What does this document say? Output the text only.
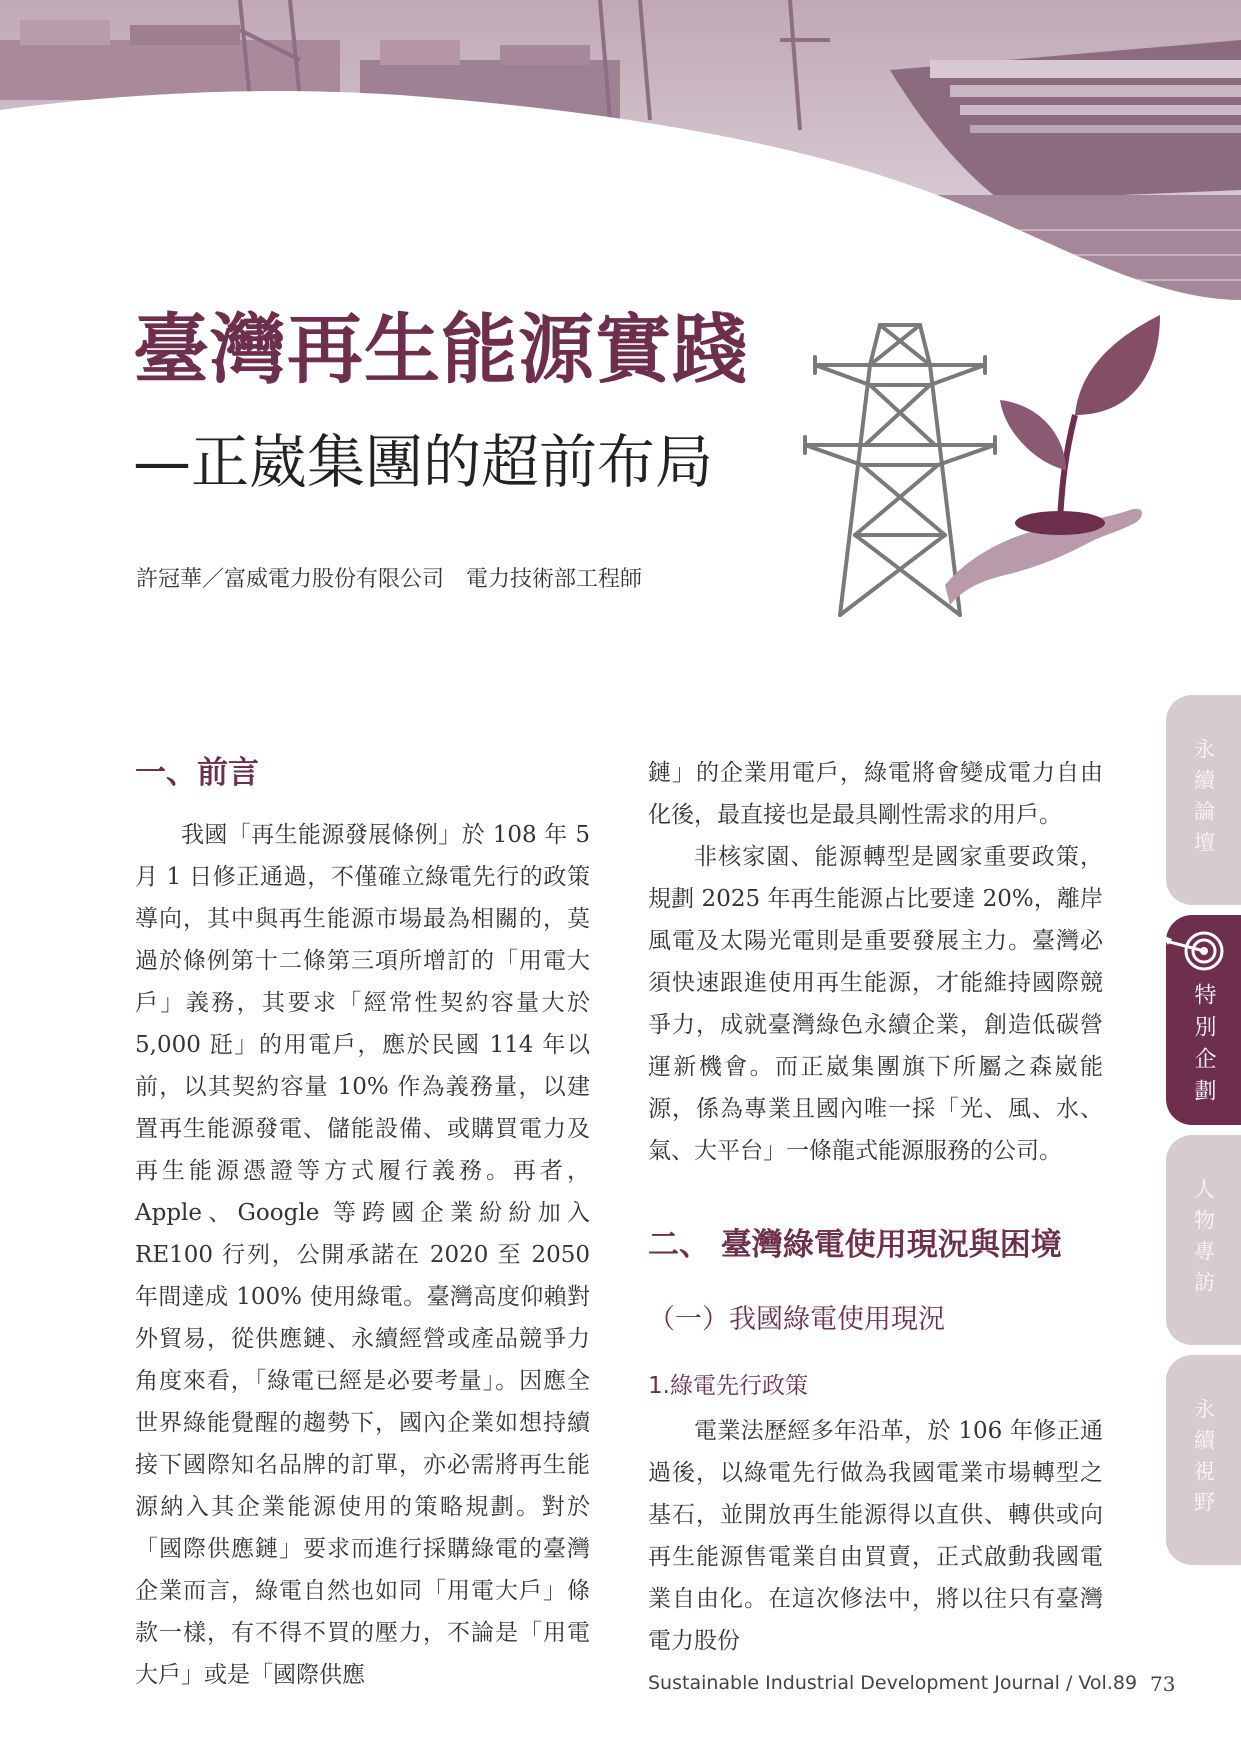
臺灣再生能源實踐
—正崴集團的超前布局
許冠華／富威電力股份有限公司　電力技術部工程師
一、前言

我國「再生能源發展條例」於 108 年 5 月 1 日修正通過，不僅確立綠電先行的政策導向，其中與再生能源市場最為相關的，莫過於條例第十二條第三項所增訂的「用電大戶」義務，其要求「經常性契約容量大於 5,000 瓩」的用電戶，應於民國 114 年以前，以其契約容量 10% 作為義務量，以建置再生能源發電、儲能設備、或購買電力及再生能源憑證等方式履行義務。再者，Apple、Google 等跨國企業紛紛加入 RE100 行列，公開承諾在 2020 至 2050 年間達成 100% 使用綠電。臺灣高度仰賴對外貿易，從供應鏈、永續經營或產品競爭力角度來看，「綠電已經是必要考量」。因應全世界綠能覺醒的趨勢下，國內企業如想持續接下國際知名品牌的訂單，亦必需將再生能源納入其企業能源使用的策略規劃。對於「國際供應鏈」要求而進行採購綠電的臺灣企業而言，綠電自然也如同「用電大戶」條款一樣，有不得不買的壓力，不論是「用電大戶」或是「國際供應

鏈」的企業用電戶，綠電將會變成電力自由化後，最直接也是最具剛性需求的用戶。

非核家園、能源轉型是國家重要政策，規劃 2025 年再生能源占比要達 20%，離岸風電及太陽光電則是重要發展主力。臺灣必須快速跟進使用再生能源，才能維持國際競爭力，成就臺灣綠色永續企業，創造低碳營運新機會。而正崴集團旗下所屬之森崴能源，係為專業且國內唯一採「光、風、水、氣、大平台」一條龍式能源服務的公司。

二、 臺灣綠電使用現況與困境
（一）我國綠電使用現況
1.綠電先行政策

電業法歷經多年沿革，於 106 年修正通過後，以綠電先行做為我國電業市場轉型之基石，並開放再生能源得以直供、轉供或向再生能源售電業自由買賣，正式啟動我國電業自由化。在這次修法中，將以往只有臺灣電力股份

永續論壇
特別企劃
人物專訪
永續視野
Sustainable Industrial Development Journal / Vol.89 73
